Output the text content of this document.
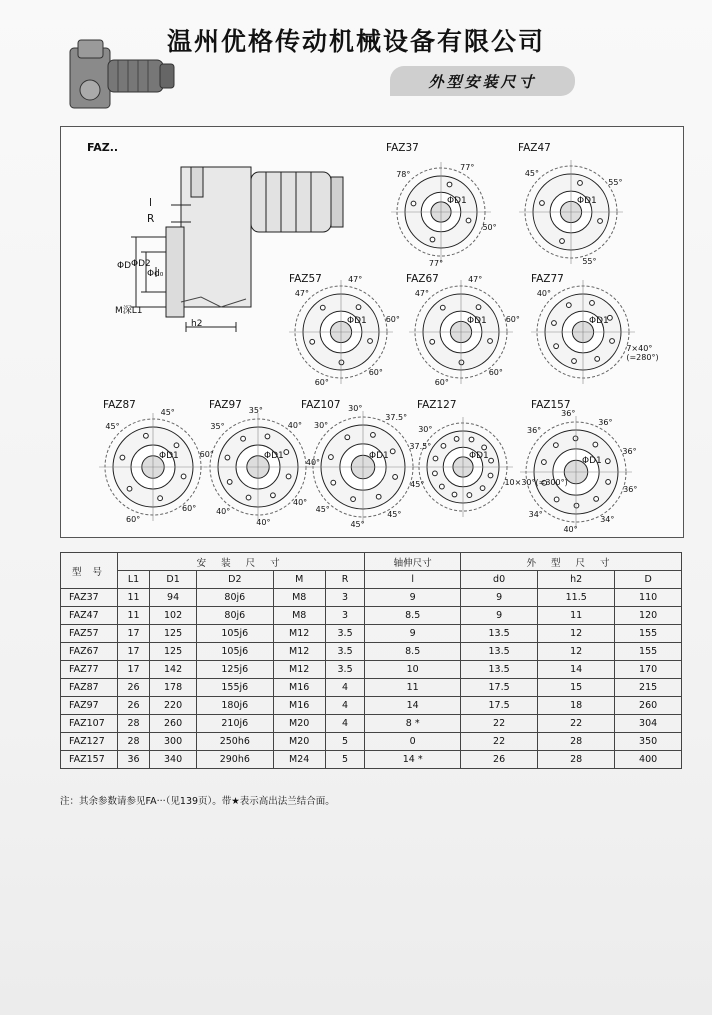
温州优格传动机械设备有限公司
外型安装尺寸
FAZ..
l
R
ΦD ΦD2
Φd₀
M深L1
h2
FAZ37
ΦD1
78°
77°
50°
77°
FAZ47
ΦD1
45°
55°
55°
FAZ57
ΦD1
47°
47°
60°
60°
60°
FAZ67
ΦD1
47°
47°
60°
60°
60°
FAZ77
ΦD1
40°
7×40°(=280°)
FAZ87
ΦD1
45°
45°
60°
60°
60°
FAZ97
ΦD1
35°
35°
40°
40°
40°
40°
40°
FAZ107
ΦD1
30°
30°
37.5°
37.5°
45°
45°
45°
45°
FAZ127
ΦD1
30°
10×30°(=300°)
FAZ157
ΦD1
36°
36°
36°
36°
36°
34°
40°
34°
型 号	安 装 尺 寸					轴伸尺寸	外 型 尺 寸		
	L1	D1	D2	M	R	l	d0	h2	D
FAZ37	11	94	80j6	M8	3	9	9	11.5	110
FAZ47	11	102	80j6	M8	3	8.5	9	11	120
FAZ57	17	125	105j6	M12	3.5	9	13.5	12	155
FAZ67	17	125	105j6	M12	3.5	8.5	13.5	12	155
FAZ77	17	142	125j6	M12	3.5	10	13.5	14	170
FAZ87	26	178	155j6	M16	4	11	17.5	15	215
FAZ97	26	220	180j6	M16	4	14	17.5	18	260
FAZ107	28	260	210j6	M20	4	8 *	22	22	304
FAZ127	28	300	250h6	M20	5	0	22	28	350
FAZ157	36	340	290h6	M24	5	14 *	26	28	400
注：其余参数请参见FA···（见139页）。带★表示高出法兰结合面。
